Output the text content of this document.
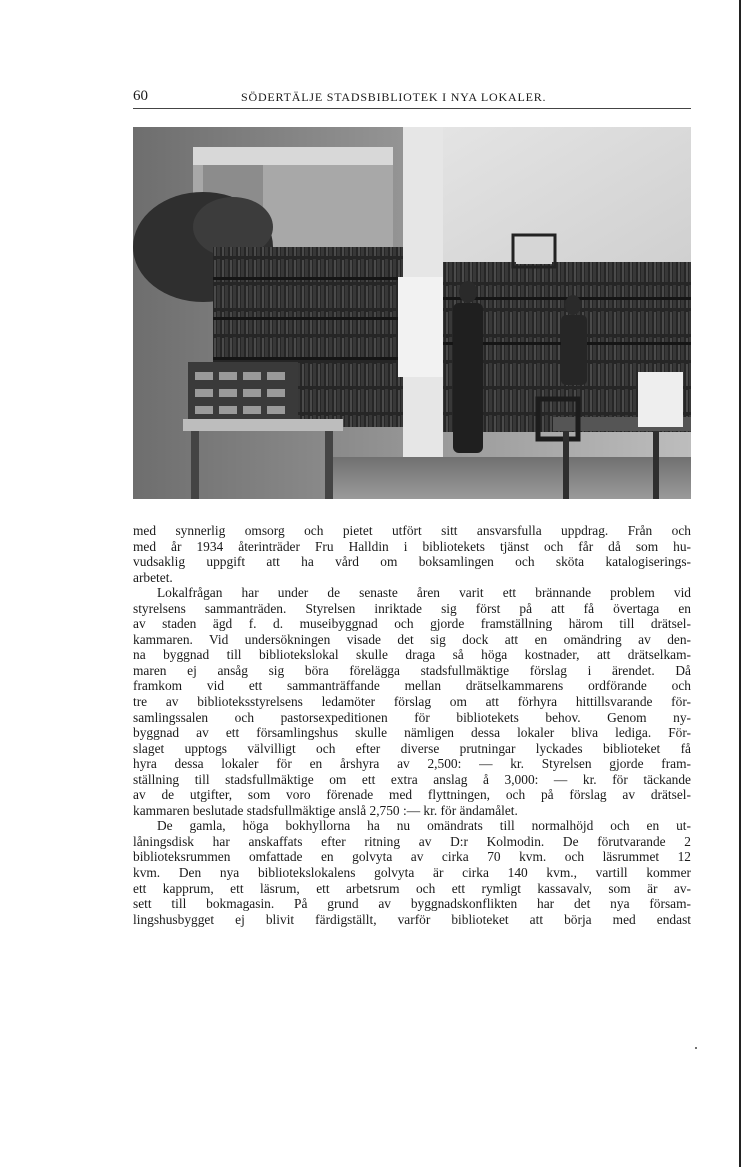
60	SÖDERTÄLJE STADSBIBLIOTEK I NYA LOKALER.
med synnerlig omsorg och pietet utfört sitt ansvarsfulla uppdrag. Från och
med år 1934 återinträder Fru Halldin i bibliotekets tjänst och får då som hu-
vudsaklig uppgift att ha vård om boksamlingen och sköta katalogiserings-
arbetet.
Lokalfrågan har under de senaste åren varit ett brännande problem vid
styrelsens sammanträden. Styrelsen inriktade sig först på att få övertaga en
av staden ägd f. d. museibyggnad och gjorde framställning härom till drätsel-
kammaren. Vid undersökningen visade det sig dock att en omändring av den-
na byggnad till bibliotekslokal skulle draga så höga kostnader, att drätselkam-
maren ej ansåg sig böra förelägga stadsfullmäktige förslag i ärendet. Då
framkom vid ett sammanträffande mellan drätselkammarens ordförande och
tre av biblioteksstyrelsens ledamöter förslag om att förhyra hittillsvarande för-
samlingssalen och pastorsexpeditionen för bibliotekets behov. Genom ny-
byggnad av ett församlingshus skulle nämligen dessa lokaler bliva lediga. För-
slaget upptogs välvilligt och efter diverse prutningar lyckades biblioteket få
hyra dessa lokaler för en årshyra av 2,500: — kr. Styrelsen gjorde fram-
ställning till stadsfullmäktige om ett extra anslag å 3,000: — kr. för täckande
av de utgifter, som voro förenade med flyttningen, och på förslag av drätsel-
kammaren beslutade stadsfullmäktige anslå 2,750 :— kr. för ändamålet.
De gamla, höga bokhyllorna ha nu omändrats till normalhöjd och en ut-
låningsdisk har anskaffats efter ritning av D:r Kolmodin. De förutvarande 2
biblioteksrummen omfattade en golvyta av cirka 70 kvm. och läsrummet 12
kvm. Den nya bibliotekslokalens golvyta är cirka 140 kvm., vartill kommer
ett kapprum, ett läsrum, ett arbetsrum och ett rymligt kassavalv, som är av-
sett till bokmagasin. På grund av byggnadskonflikten har det nya försam-
lingshusbygget ej blivit färdigställt, varför biblioteket att börja med endast
